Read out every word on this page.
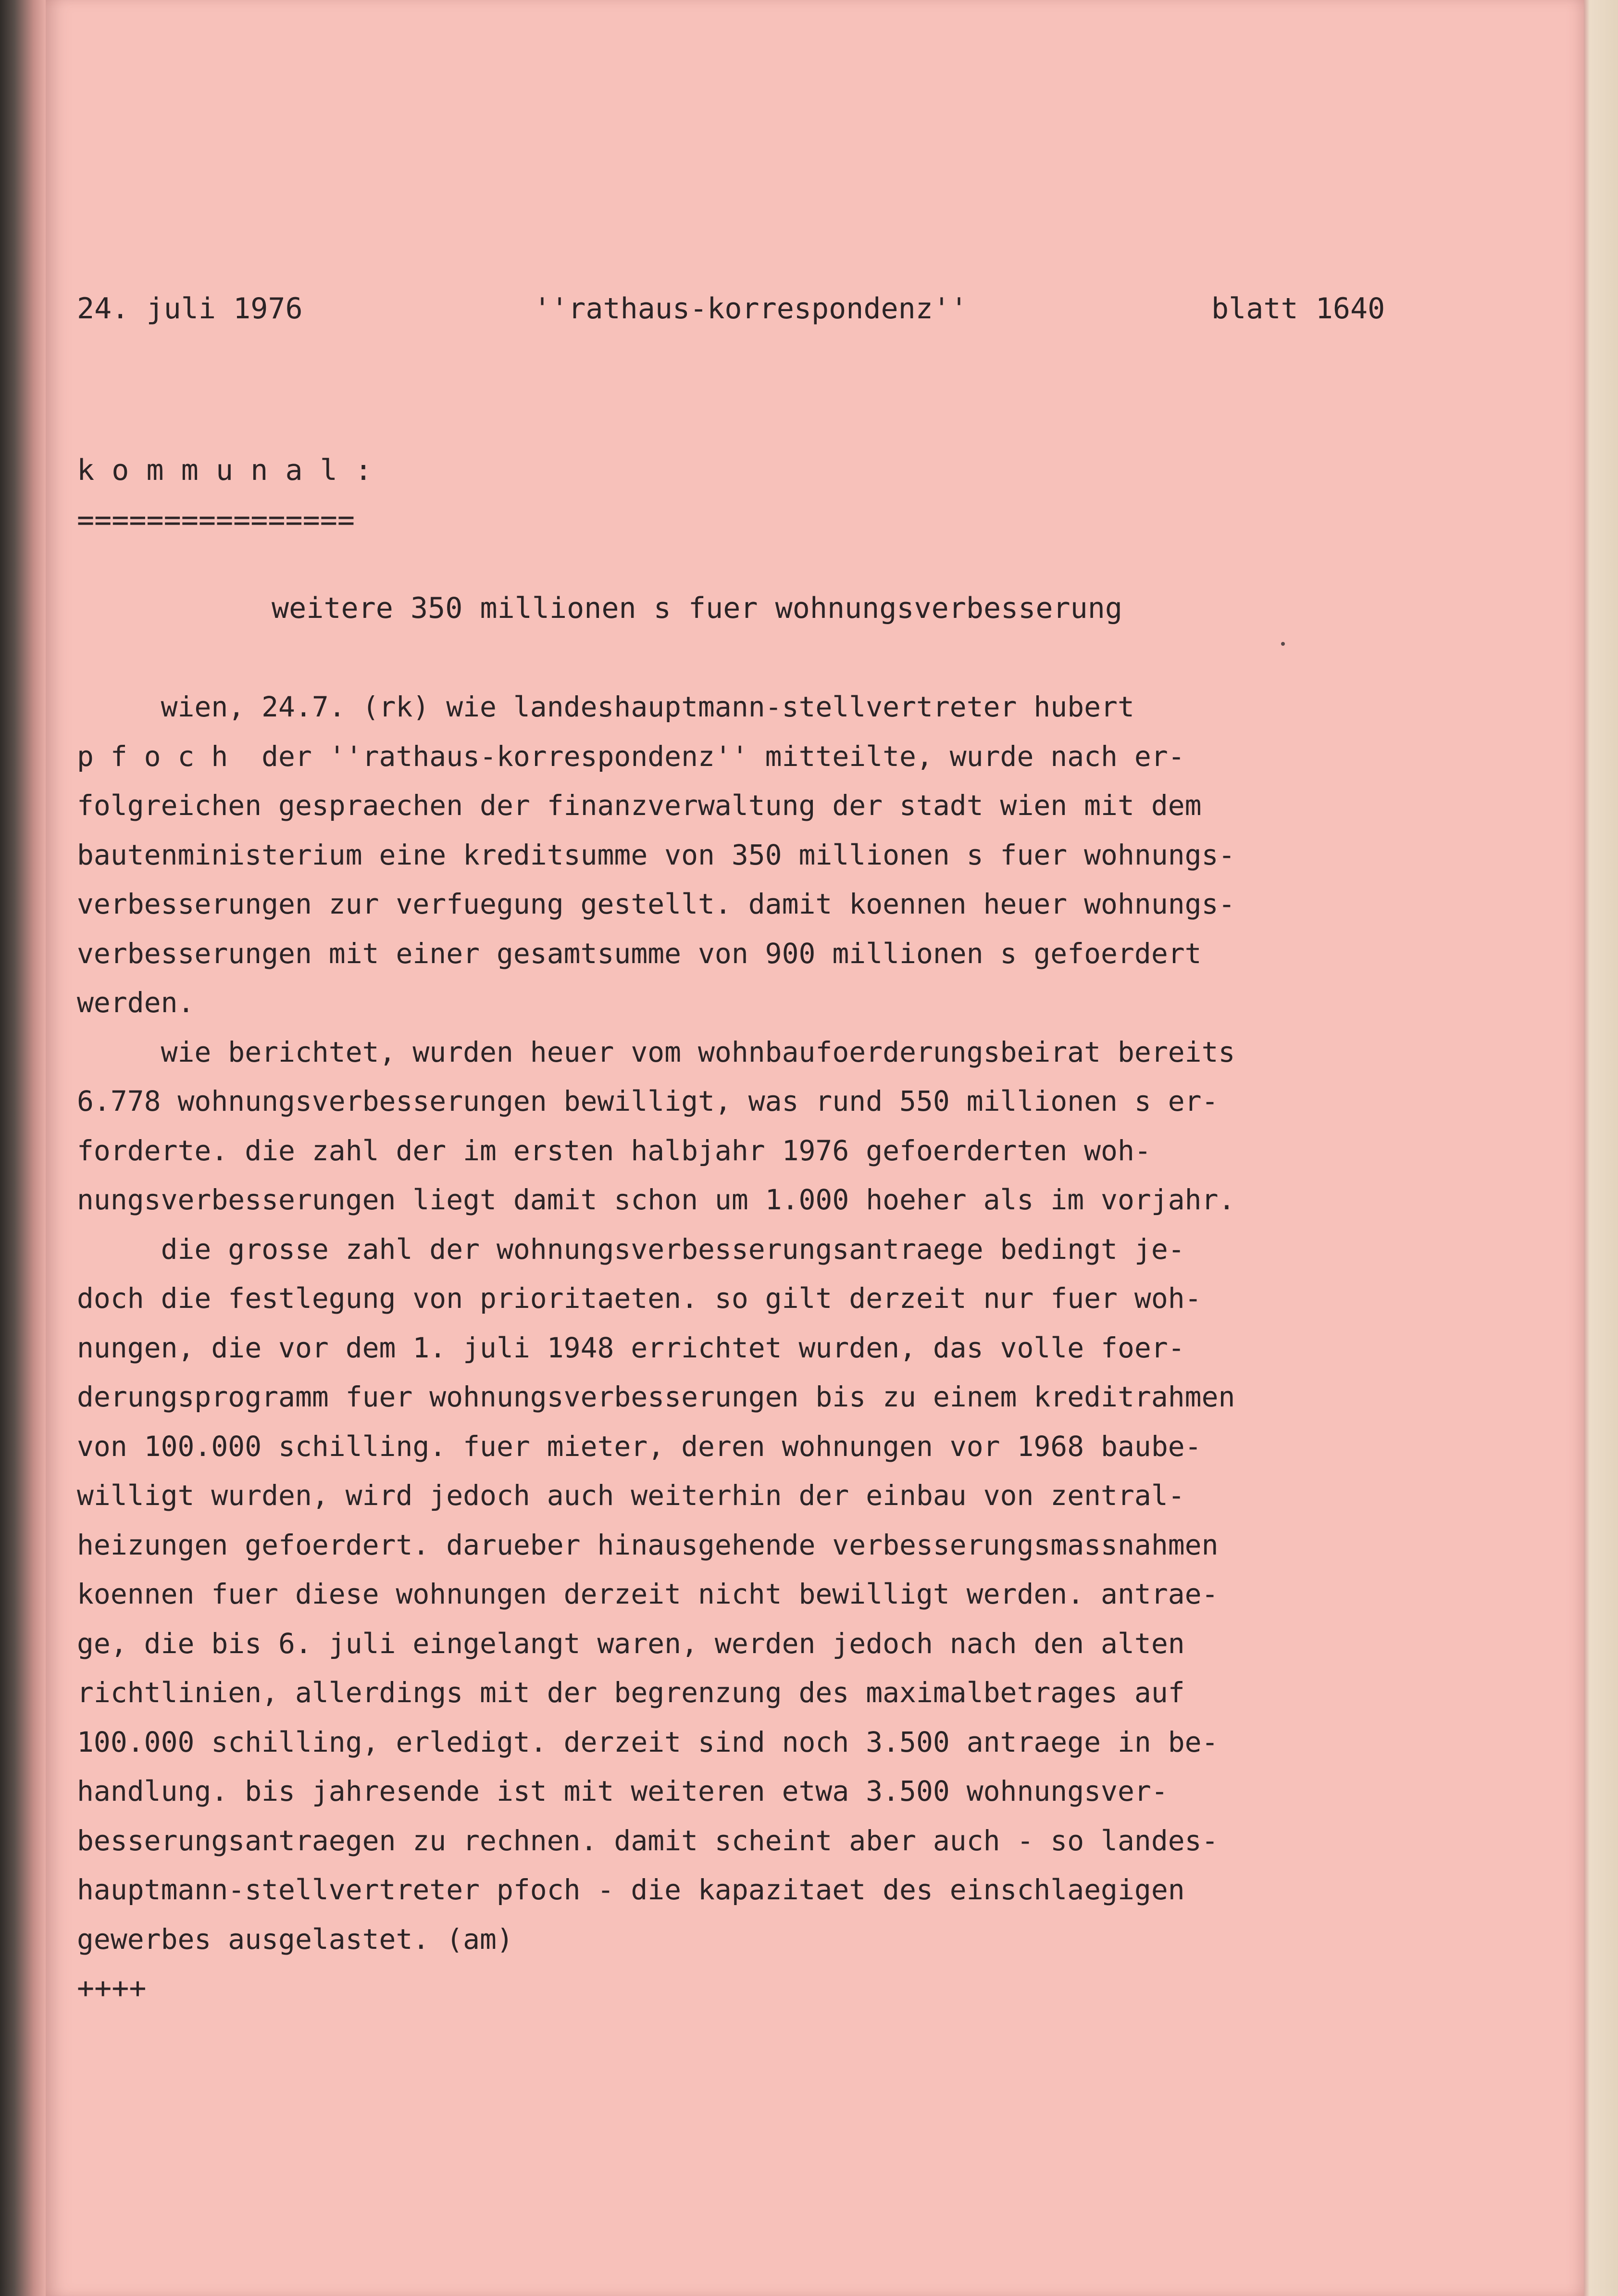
24. juli 1976	''rathaus-korrespondenz''	blatt 1640
k o m m u n a l :
================
weitere 350 millionen s fuer wohnungsverbesserung
wien, 24.7. (rk) wie landeshauptmann-stellvertreter hubert
p f o c h  der ''rathaus-korrespondenz'' mitteilte, wurde nach er-
folgreichen gespraechen der finanzverwaltung der stadt wien mit dem
bautenministerium eine kreditsumme von 350 millionen s fuer wohnungs-
verbesserungen zur verfuegung gestellt. damit koennen heuer wohnungs-
verbesserungen mit einer gesamtsumme von 900 millionen s gefoerdert
werden.
wie berichtet, wurden heuer vom wohnbaufoerderungsbeirat bereits
6.778 wohnungsverbesserungen bewilligt, was rund 550 millionen s er-
forderte. die zahl der im ersten halbjahr 1976 gefoerderten woh-
nungsverbesserungen liegt damit schon um 1.000 hoeher als im vorjahr.
die grosse zahl der wohnungsverbesserungsantraege bedingt je-
doch die festlegung von prioritaeten. so gilt derzeit nur fuer woh-
nungen, die vor dem 1. juli 1948 errichtet wurden, das volle foer-
derungsprogramm fuer wohnungsverbesserungen bis zu einem kreditrahmen
von 100.000 schilling. fuer mieter, deren wohnungen vor 1968 baube-
willigt wurden, wird jedoch auch weiterhin der einbau von zentral-
heizungen gefoerdert. darueber hinausgehende verbesserungsmassnahmen
koennen fuer diese wohnungen derzeit nicht bewilligt werden. antrae-
ge, die bis 6. juli eingelangt waren, werden jedoch nach den alten
richtlinien, allerdings mit der begrenzung des maximalbetrages auf
100.000 schilling, erledigt. derzeit sind noch 3.500 antraege in be-
handlung. bis jahresende ist mit weiteren etwa 3.500 wohnungsver-
besserungsantraegen zu rechnen. damit scheint aber auch - so landes-
hauptmann-stellvertreter pfoch - die kapazitaet des einschlaegigen
gewerbes ausgelastet. (am)
++++
